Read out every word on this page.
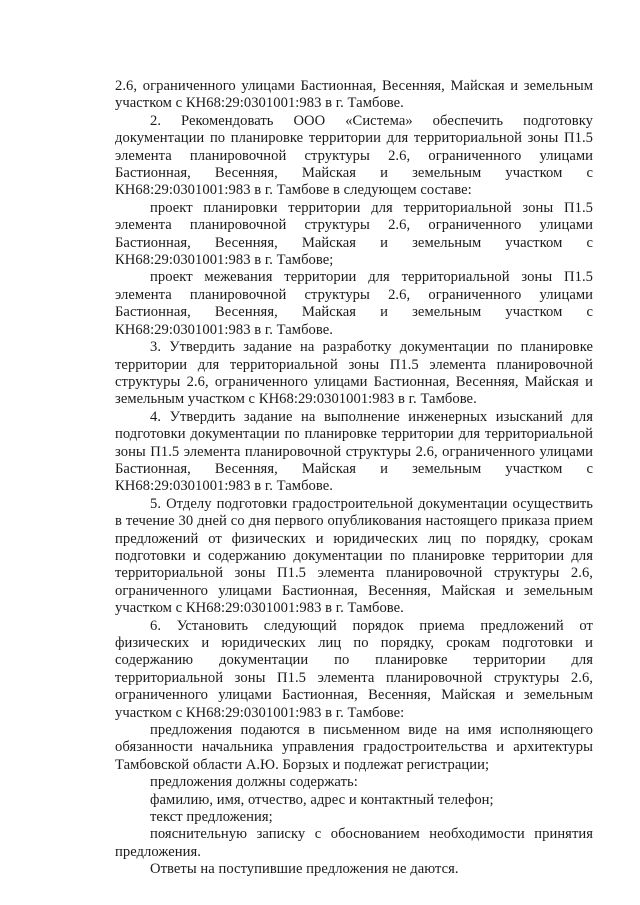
2.6, ограниченного улицами Бастионная, Весенняя, Майская и земельным участком с КН68:29:0301001:983 в г. Тамбове.

2. Рекомендовать ООО «Система» обеспечить подготовку документации по планировке территории для территориальной зоны П1.5 элемента планировочной структуры 2.6, ограниченного улицами Бастионная, Весенняя, Майская и земельным участком с КН68:29:0301001:983 в г. Тамбове в следующем составе:

проект планировки территории для территориальной зоны П1.5 элемента планировочной структуры 2.6, ограниченного улицами Бастионная, Весенняя, Майская и земельным участком с КН68:29:0301001:983 в г. Тамбове;

проект межевания территории для территориальной зоны П1.5 элемента планировочной структуры 2.6, ограниченного улицами Бастионная, Весенняя, Майская и земельным участком с КН68:29:0301001:983 в г. Тамбове.

3. Утвердить задание на разработку документации по планировке территории для территориальной зоны П1.5 элемента планировочной структуры 2.6, ограниченного улицами Бастионная, Весенняя, Майская и земельным участком с КН68:29:0301001:983 в г. Тамбове.

4. Утвердить задание на выполнение инженерных изысканий для подготовки документации по планировке территории для территориальной зоны П1.5 элемента планировочной структуры 2.6, ограниченного улицами Бастионная, Весенняя, Майская и земельным участком с КН68:29:0301001:983 в г. Тамбове.

5. Отделу подготовки градостроительной документации осуществить в течение 30 дней со дня первого опубликования настоящего приказа прием предложений от физических и юридических лиц по порядку, срокам подготовки и содержанию документации по планировке территории для территориальной зоны П1.5 элемента планировочной структуры 2.6, ограниченного улицами Бастионная, Весенняя, Майская и земельным участком с КН68:29:0301001:983 в г. Тамбове.

6. Установить следующий порядок приема предложений от физических и юридических лиц по порядку, срокам подготовки и содержанию документации по планировке территории для территориальной зоны П1.5 элемента планировочной структуры 2.6, ограниченного улицами Бастионная, Весенняя, Майская и земельным участком с КН68:29:0301001:983 в г. Тамбове:

предложения подаются в письменном виде на имя исполняющего обязанности начальника управления градостроительства и архитектуры Тамбовской области А.Ю. Борзых и подлежат регистрации;

предложения должны содержать:

фамилию, имя, отчество, адрес и контактный телефон;

текст предложения;

пояснительную записку с обоснованием необходимости принятия предложения.

Ответы на поступившие предложения не даются.
